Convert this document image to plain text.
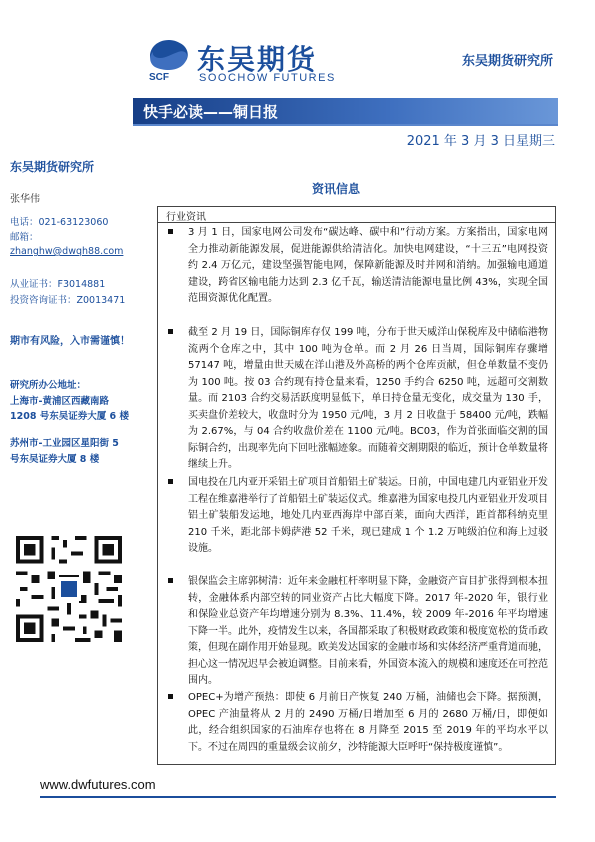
SCF
东吴期货
SOOCHOW FUTURES
东吴期货研究所
快手必读——铜日报
2021 年 3 月 3 日星期三
东吴期货研究所
张华伟
电话：021-63123060
邮箱：
zhanghw@dwqh88.com
从业证书：F3014881
投资咨询证书：Z0013471
期市有风险，入市需谨慎！
研究所办公地址：
上海市-黄浦区西藏南路
1208 号东吴证券大厦 6 楼
苏州市-工业园区星阳街 5
号东吴证券大厦 8 楼
资讯信息
行业资讯
3 月 1 日，国家电网公司发布“碳达峰、碳中和”行动方案。方案指出，国家电网全力推动新能源发展，促进能源供给清洁化。加快电网建设，“十三五”电网投资约 2.4 万亿元，建设坚强智能电网，保障新能源及时并网和消纳。加强输电通道建设，跨省区输电能力达到 2.3 亿千瓦，输送清洁能源电量比例 43%，实现全国范围资源优化配置。
截至 2 月 19 日，国际铜库存仅 199 吨，分布于世天威洋山保税库及中储临港物流两个仓库之中，其中 100 吨为仓单。而 2 月 26 日当周，国际铜库存骤增 57147 吨，增量由世天威在洋山港及外高桥的两个仓库贡献，但仓单数量不变仍为 100 吨。按 03 合约现有持仓量来看，1250 手约合 6250 吨，远超可交割数量。而 2103 合约交易活跃度明显低下，单日持仓量无变化，成交量为 130 手，买卖盘价差较大，收盘时分为 1950 元/吨，3 月 2 日收盘于 58400 元/吨，跌幅为 2.67%，与 04 合约收盘价差在 1100 元/吨。BC03，作为首张面临交割的国际铜合约，出现率先向下回吐涨幅迹象。而随着交割期限的临近，预计仓单数量将继续上升。
国电投在几内亚开采铝土矿项目首船铝土矿装运。日前，中国电建几内亚铝业开发工程在维嘉港举行了首船铝土矿装运仪式。维嘉港为国家电投几内亚铝业开发项目铝土矿装船发运地，地处几内亚西海岸中部百莱，面向大西洋，距首都科纳克里 210 千米，距北部卡姆萨港 52 千米，现已建成 1 个 1.2 万吨级泊位和海上过驳设施。
银保监会主席郭树清：近年来金融杠杆率明显下降，金融资产盲目扩张得到根本扭转，金融体系内部空转的同业资产占比大幅度下降。2017 年-2020 年，银行业和保险业总资产年均增速分别为 8.3%、11.4%，较 2009 年-2016 年平均增速下降一半。此外，疫情发生以来，各国都采取了积极财政政策和极度宽松的货币政策，但现在副作用开始显现。欧美发达国家的金融市场和实体经济严重背道而驰，担心这一情况迟早会被迫调整。目前来看，外国资本流入的规模和速度还在可控范围内。
OPEC+为增产预热：即使 6 月前日产恢复 240 万桶，油储也会下降。据预测，OPEC 产油量将从 2 月的 2490 万桶/日增加至 6 月的 2680 万桶/日，即便如此，经合组织国家的石油库存也将在 8 月降至 2015 至 2019 年的平均水平以下。不过在周四的重量级会议前夕，沙特能源大臣呼吁“保持极度谨慎”。
www.dwfutures.com
